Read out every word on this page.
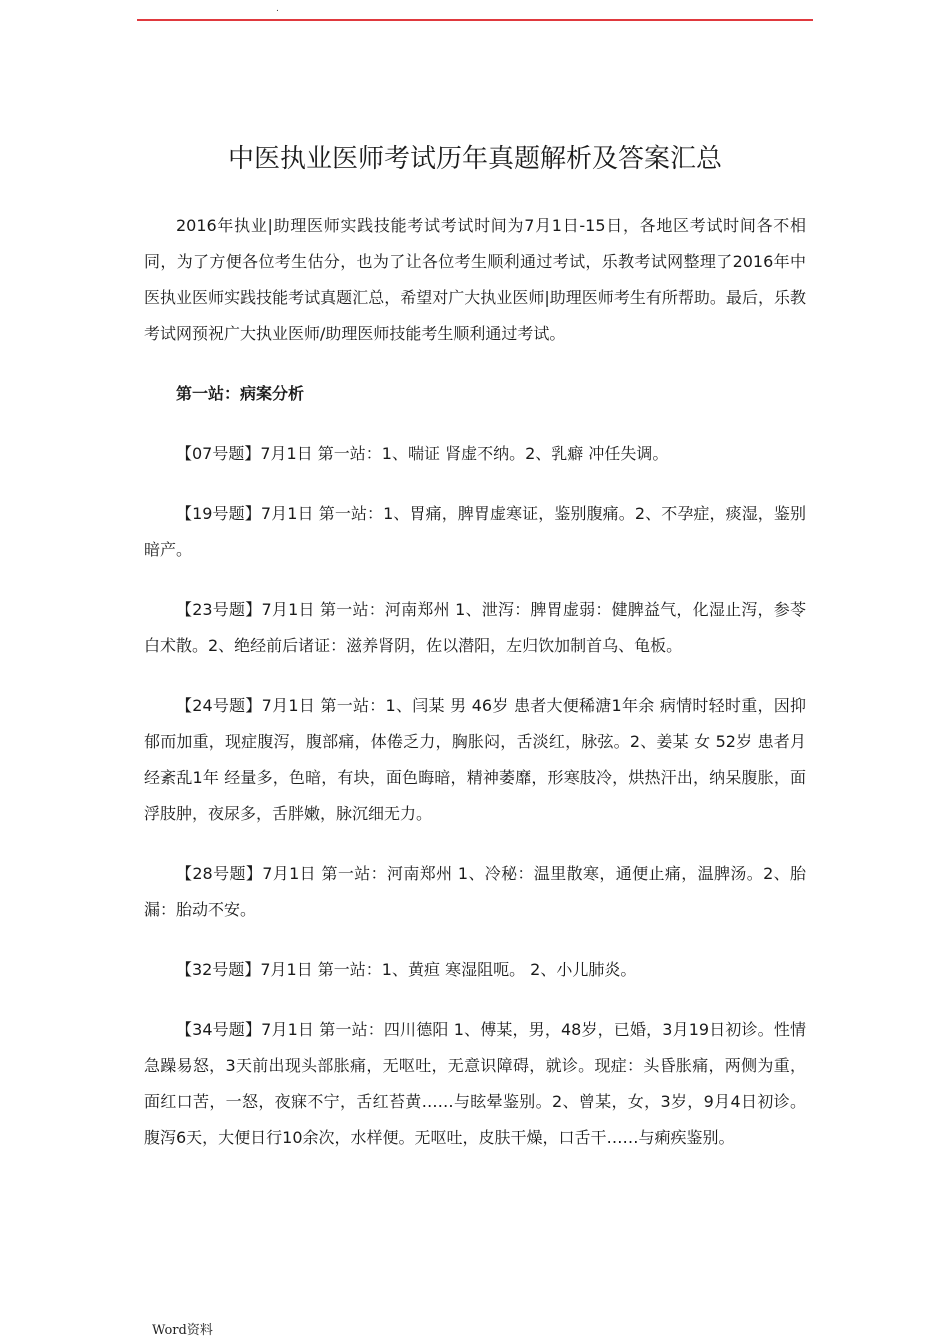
.
中医执业医师考试历年真题解析及答案汇总

2016年执业|助理医师实践技能考试考试时间为7月1日-15日，各地区考试时间各不相同，为了方便各位考生估分，也为了让各位考生顺利通过考试，乐教考试网整理了2016年中医执业医师实践技能考试真题汇总，希望对广大执业医师|助理医师考生有所帮助。最后，乐教考试网预祝广大执业医师/助理医师技能考生顺利通过考试。

第一站：病案分析

【07号题】7月1日 第一站：1、喘证 肾虚不纳。2、乳癖 冲任失调。

【19号题】7月1日 第一站：1、胃痛，脾胃虚寒证，鉴别腹痛。2、不孕症，痰湿，鉴别暗产。

【23号题】7月1日 第一站：河南郑州 1、泄泻：脾胃虚弱：健脾益气，化湿止泻，参苓白术散。2、绝经前后诸证：滋养肾阴，佐以潜阳，左归饮加制首乌、龟板。

【24号题】7月1日 第一站：1、闫某 男 46岁 患者大便稀溏1年余 病情时轻时重，因抑郁而加重，现症腹泻，腹部痛，体倦乏力，胸胀闷，舌淡红，脉弦。2、姜某 女 52岁 患者月经紊乱1年 经量多，色暗，有块，面色晦暗，精神萎靡，形寒肢冷，烘热汗出，纳呆腹胀，面浮肢肿，夜尿多，舌胖嫩，脉沉细无力。

【28号题】7月1日 第一站：河南郑州 1、冷秘：温里散寒，通便止痛，温脾汤。2、胎漏：胎动不安。

【32号题】7月1日 第一站：1、黄疸 寒湿阻呃。 2、小儿肺炎。

【34号题】7月1日 第一站：四川德阳 1、傅某，男，48岁，已婚，3月19日初诊。性情急躁易怒，3天前出现头部胀痛，无呕吐，无意识障碍，就诊。现症：头昏胀痛，两侧为重，面红口苦，一怒，夜寐不宁，舌红苔黄……与眩晕鉴别。2、曾某，女，3岁，9月4日初诊。腹泻6天，大便日行10余次，水样便。无呕吐，皮肤干燥，口舌干……与痢疾鉴别。

Word资料
